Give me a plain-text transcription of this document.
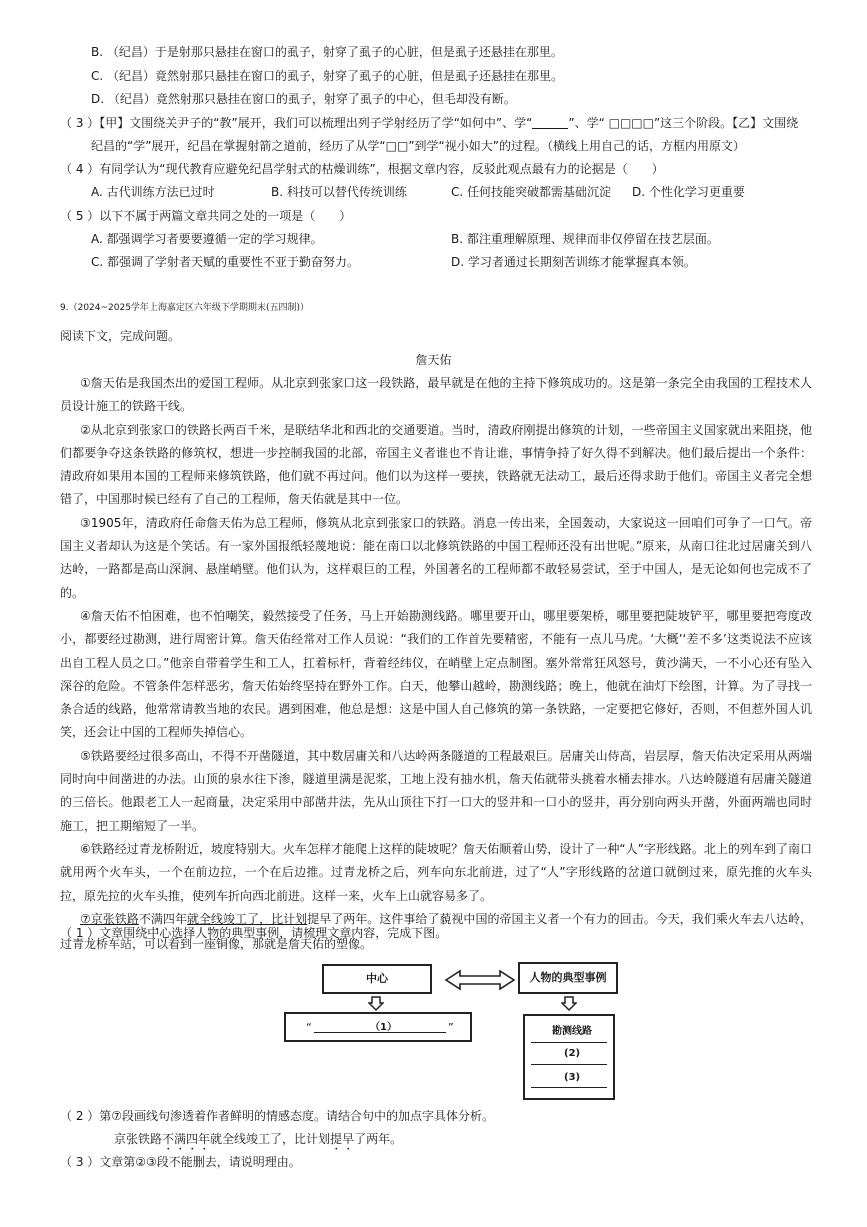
B. （纪昌）于是射那只悬挂在窗口的虱子，射穿了虱子的心脏，但是虱子还悬挂在那里。
C. （纪昌）竟然射那只悬挂在窗口的虱子，射穿了虱子的心脏，但是虱子还悬挂在那里。
D. （纪昌）竟然射那只悬挂在窗口的虱子，射穿了虱子的中心，但毛却没有断。
（ 3 ）【甲】文围绕关尹子的“教”展开，我们可以梳理出列子学射经历了学“如何中”、学“	”、学“ □□□□”这三个阶段。【乙】文围绕
纪昌的“学”展开，纪昌在掌握射箭之道前，经历了从学“□□”到学“视小如大”的过程。（横线上用自己的话，方框内用原文）
（ 4 ）有同学认为“现代教育应避免纪昌学射式的枯燥训练”，根据文章内容，反驳此观点最有力的论据是（　　）
A. 古代训练方法已过时	B. 科技可以替代传统训练	C. 任何技能突破都需基础沉淀 D. 个性化学习更重要
（ 5 ）以下不属于两篇文章共同之处的一项是（　　）
A. 都强调学习者要要遵循一定的学习规律。	B. 都注重理解原理、规律而非仅停留在技艺层面。
C. 都强调了学射者天赋的重要性不亚于勤奋努力。	D. 学习者通过长期刻苦训练才能掌握真本领。
9.（2024~2025学年上海嘉定区六年级下学期期末(五四制)）
阅读下文，完成问题。
詹天佑

①詹天佑是我国杰出的爱国工程师。从北京到张家口这一段铁路，最早就是在他的主持下修筑成功的。这是第一条完全由我国的工程技术人员设计施工的铁路干线。

②从北京到张家口的铁路长两百千米，是联结华北和西北的交通要道。当时，清政府刚提出修筑的计划，一些帝国主义国家就出来阻挠，他们都要争夺这条铁路的修筑权，想进一步控制我国的北部，帝国主义者谁也不肯让谁，事情争持了好久得不到解决。他们最后提出一个条件：清政府如果用本国的工程师来修筑铁路，他们就不再过问。他们以为这样一要挟，铁路就无法动工，最后还得求助于他们。帝国主义者完全想错了，中国那时候已经有了自己的工程师，詹天佑就是其中一位。

③1905年，清政府任命詹天佑为总工程师，修筑从北京到张家口的铁路。消息一传出来，全国轰动，大家说这一回咱们可争了一口气。帝国主义者却认为这是个笑话。有一家外国报纸轻蔑地说：能在南口以北修筑铁路的中国工程师还没有出世呢。”原来，从南口往北过居庸关到八达岭，一路都是高山深涧、悬崖峭壁。他们认为，这样艰巨的工程，外国著名的工程师都不敢轻易尝试，至于中国人，是无论如何也完成不了的。

④詹天佑不怕困难，也不怕嘲笑，毅然接受了任务，马上开始勘测线路。哪里要开山，哪里要架桥，哪里要把陡坡铲平，哪里要把弯度改小，都要经过勘测，进行周密计算。詹天佑经常对工作人员说：“我们的工作首先要精密，不能有一点儿马虎。‘大概’‘差不多’这类说法不应该出自工程人员之口。”他亲自带着学生和工人，扛着标杆，背着经纬仪，在峭壁上定点制图。塞外常常狂风怒号，黄沙满天，一不小心还有坠入深谷的危险。不管条件怎样恶劣，詹天佑始终坚持在野外工作。白天，他攀山越岭，勘测线路；晚上，他就在油灯下绘图，计算。为了寻找一条合适的线路，他常常请教当地的农民。遇到困难，他总是想：这是中国人自己修筑的第一条铁路，一定要把它修好，否则，不但惹外国人讥笑，还会让中国的工程师失掉信心。

⑤铁路要经过很多高山，不得不开凿隧道，其中数居庸关和八达岭两条隧道的工程最艰巨。居庸关山侍高，岩层厚，詹天佑决定采用从两端同时向中间凿进的办法。山顶的泉水往下渗，隧道里满是泥浆，工地上没有抽水机，詹天佑就带头挑着水桶去排水。八达岭隧道有居庸关隧道的三倍长。他跟老工人一起商量，决定采用中部凿井法，先从山顶往下打一口大的竖井和一口小的竖井，再分别向两头开凿，外面两端也同时施工，把工期缩短了一半。

⑥铁路经过青龙桥附近，坡度特别大。火车怎样才能爬上这样的陡坡呢？詹天佑顺着山势，设计了一种“人”字形线路。北上的列车到了南口就用两个火车头，一个在前边拉，一个在后边推。过青龙桥之后，列车向东北前进，过了“人”字形线路的岔道口就倒过来，原先推的火车头拉，原先拉的火车头推，使列车折向西北前进。这样一来，火车上山就容易多了。

⑦京张铁路不满四年就全线竣工了，比计划提早了两年。这件事给了藐视中国的帝国主义者一个有力的回击。今天，我们乘火车去八达岭，过青龙桥车站，可以看到一座铜像，那就是詹天佑的塑像。

（ 1 ）文章围绕中心选择人物的典型事例，请梳理文章内容，完成下图。
中心	人物的典型事例
“	（1）	”	勘测线路
(2)
(3)
（ 2 ）第⑦段画线句渗透着作者鲜明的情感态度。请结合句中的加点字具体分析。
京张铁路不满四年就全线竣工了，比计划提早了两年。
（ 3 ）文章第②③段不能删去，请说明理由。
